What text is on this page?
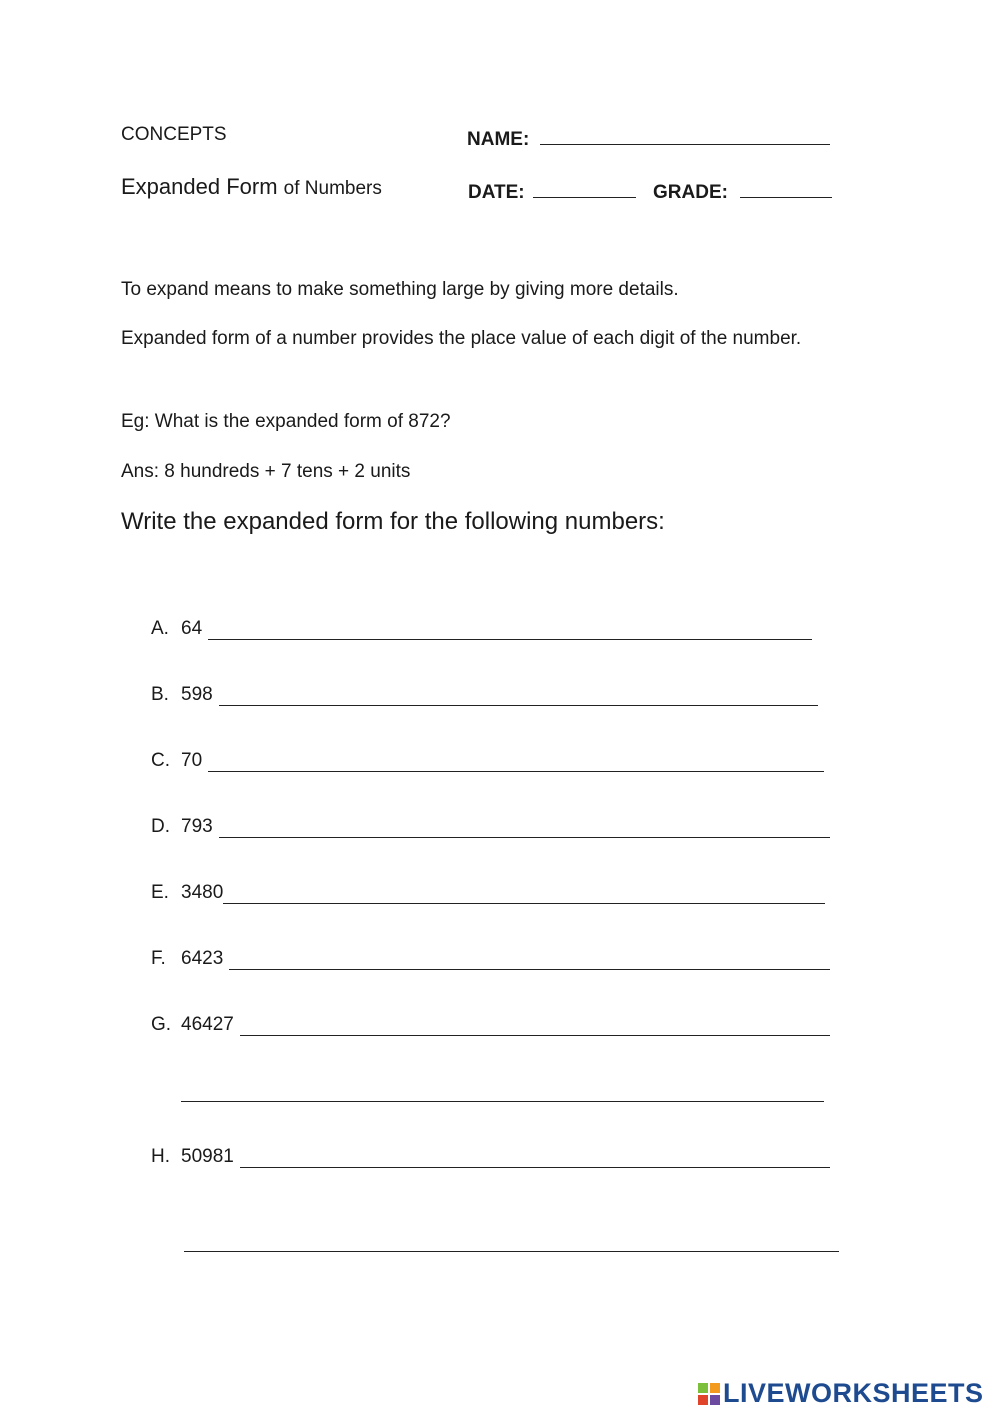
CONCEPTS	NAME:
Expanded Form of Numbers	DATE:	GRADE:
To expand means to make something large by giving more details.
Expanded form of a number provides the place value of each digit of the number.
Eg: What is the expanded form of 872?
Ans: 8 hundreds + 7 tens + 2 units
Write the expanded form for the following numbers:
A. 64
B. 598
C. 70
D. 793
E. 3480
F. 6423
G. 46427
H. 50981
LIVEWORKSHEETS
